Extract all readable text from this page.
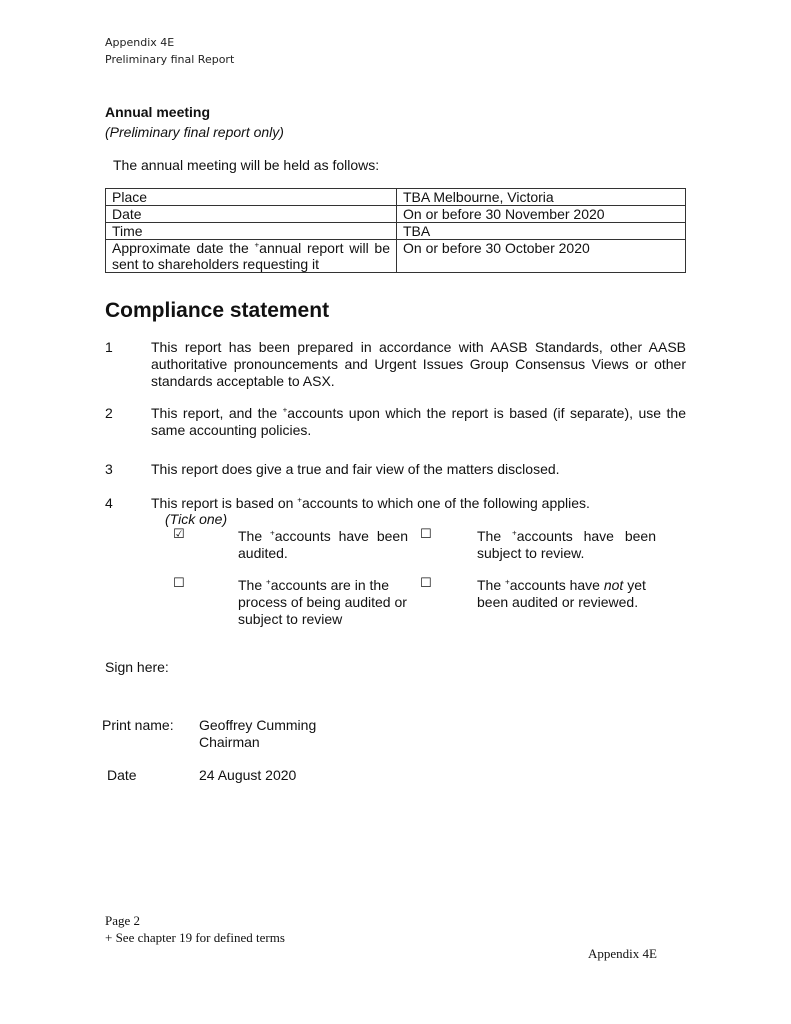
Appendix 4E
Preliminary final Report
Annual meeting
(Preliminary final report only)
The annual meeting will be held as follows:
Place	TBA Melbourne, Victoria
Date	On or before 30 November 2020
Time	TBA
Approximate date the +annual report will be sent to shareholders requesting it	On or before 30 October 2020
Compliance statement
1	This report has been prepared in accordance with AASB Standards, other AASB authoritative pronouncements and Urgent Issues Group Consensus Views or other standards acceptable to ASX.
2	This report, and the +accounts upon which the report is based (if separate), use the same accounting policies.
3	This report does give a true and fair view of the matters disclosed.
4	This report is based on +accounts to which one of the following applies.
(Tick one)
☑	The +accounts have been audited.
☐	The +accounts have been subject to review.
☐	The +accounts are in the process of being audited or subject to review
☐	The +accounts have not yet been audited or reviewed.
Sign here:
Print name: Geoffrey Cumming
Chairman
Date	24 August 2020
Page 2
+ See chapter 19 for defined terms
Appendix 4E
